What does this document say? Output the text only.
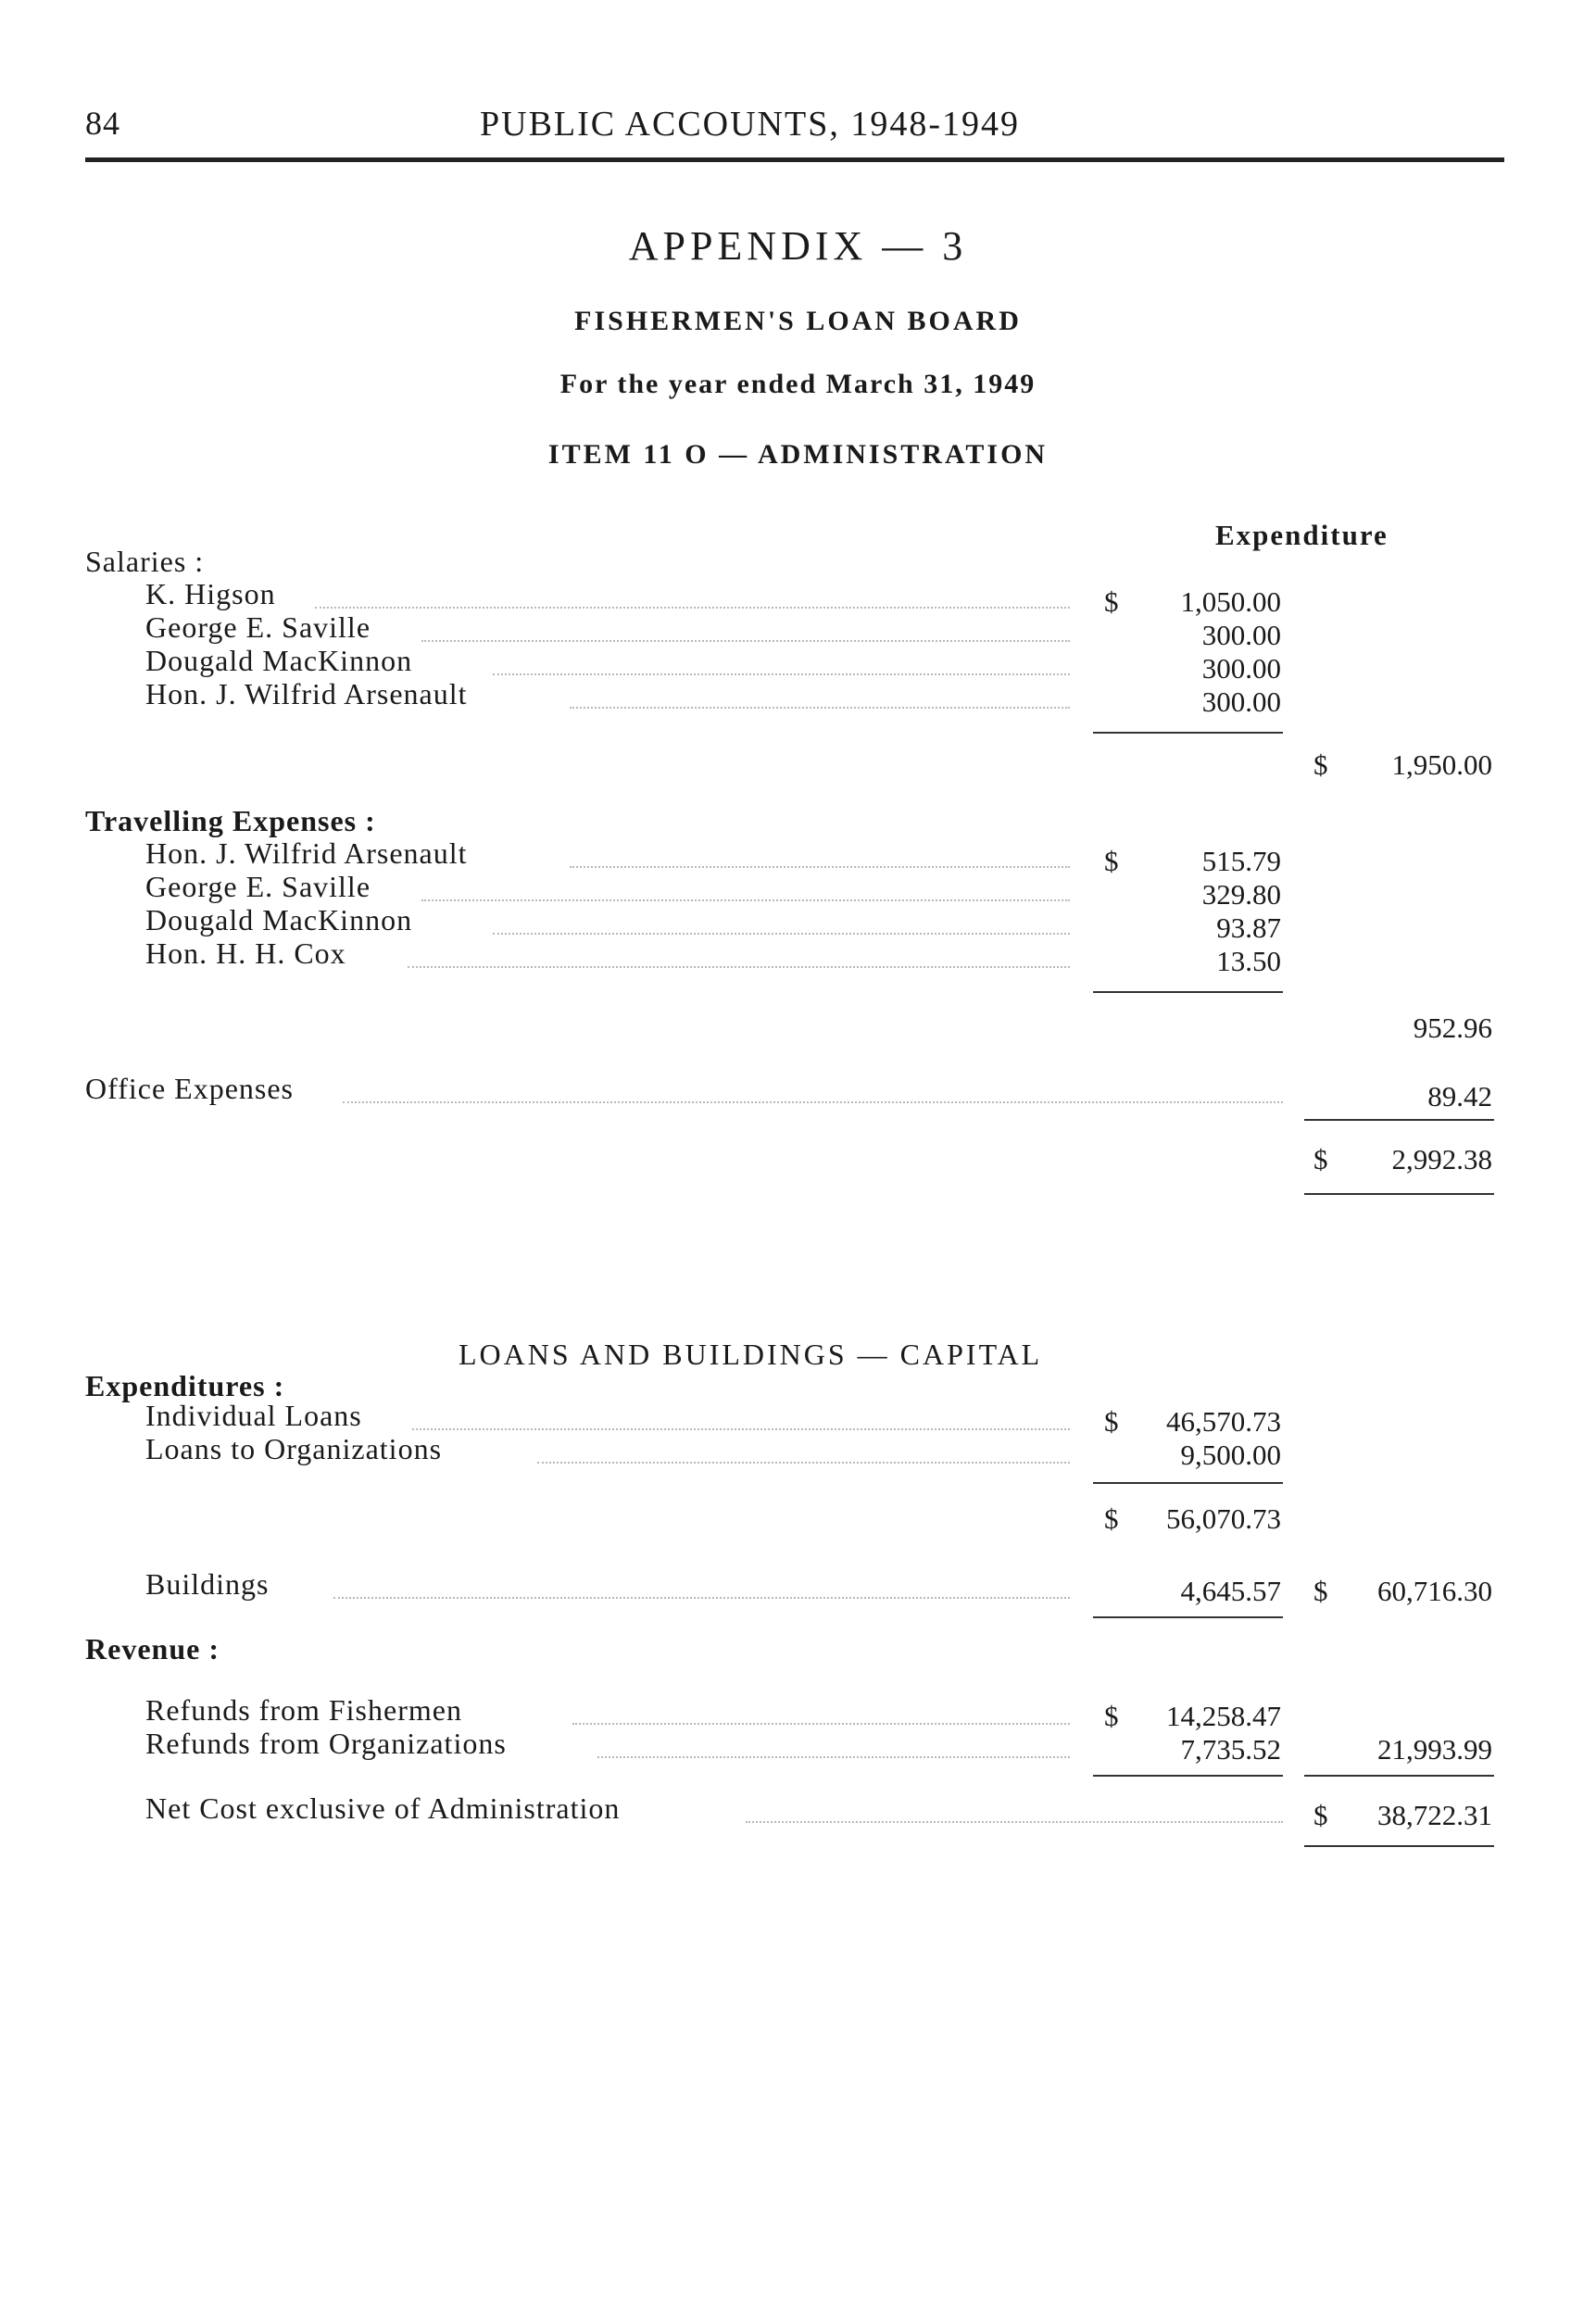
84	PUBLIC ACCOUNTS, 1948-1949
APPENDIX — 3
FISHERMEN'S LOAN BOARD
For the year ended March 31, 1949
ITEM 11 O — ADMINISTRATION
Expenditure
Salaries :
$
K. Higson	1,050.00
George E. Saville	300.00
Dougald MacKinnon	300.00
Hon. J. Wilfrid Arsenault	300.00
$ 1,950.00
Travelling Expenses :
$
Hon. J. Wilfrid Arsenault	515.79
George E. Saville	329.80
Dougald MacKinnon	93.87
Hon. H. H. Cox	13.50
952.96
Office Expenses	89.42
$ 2,992.38
LOANS AND BUILDINGS — CAPITAL
Expenditures :
$
Individual Loans	46,570.73
Loans to Organizations	9,500.00
$ 56,070.73
Buildings	4,645.57 $ 60,716.30
Revenue :
$
Refunds from Fishermen	14,258.47
Refunds from Organizations	7,735.52	21,993.99
Net Cost exclusive of Administration	$ 38,722.31
